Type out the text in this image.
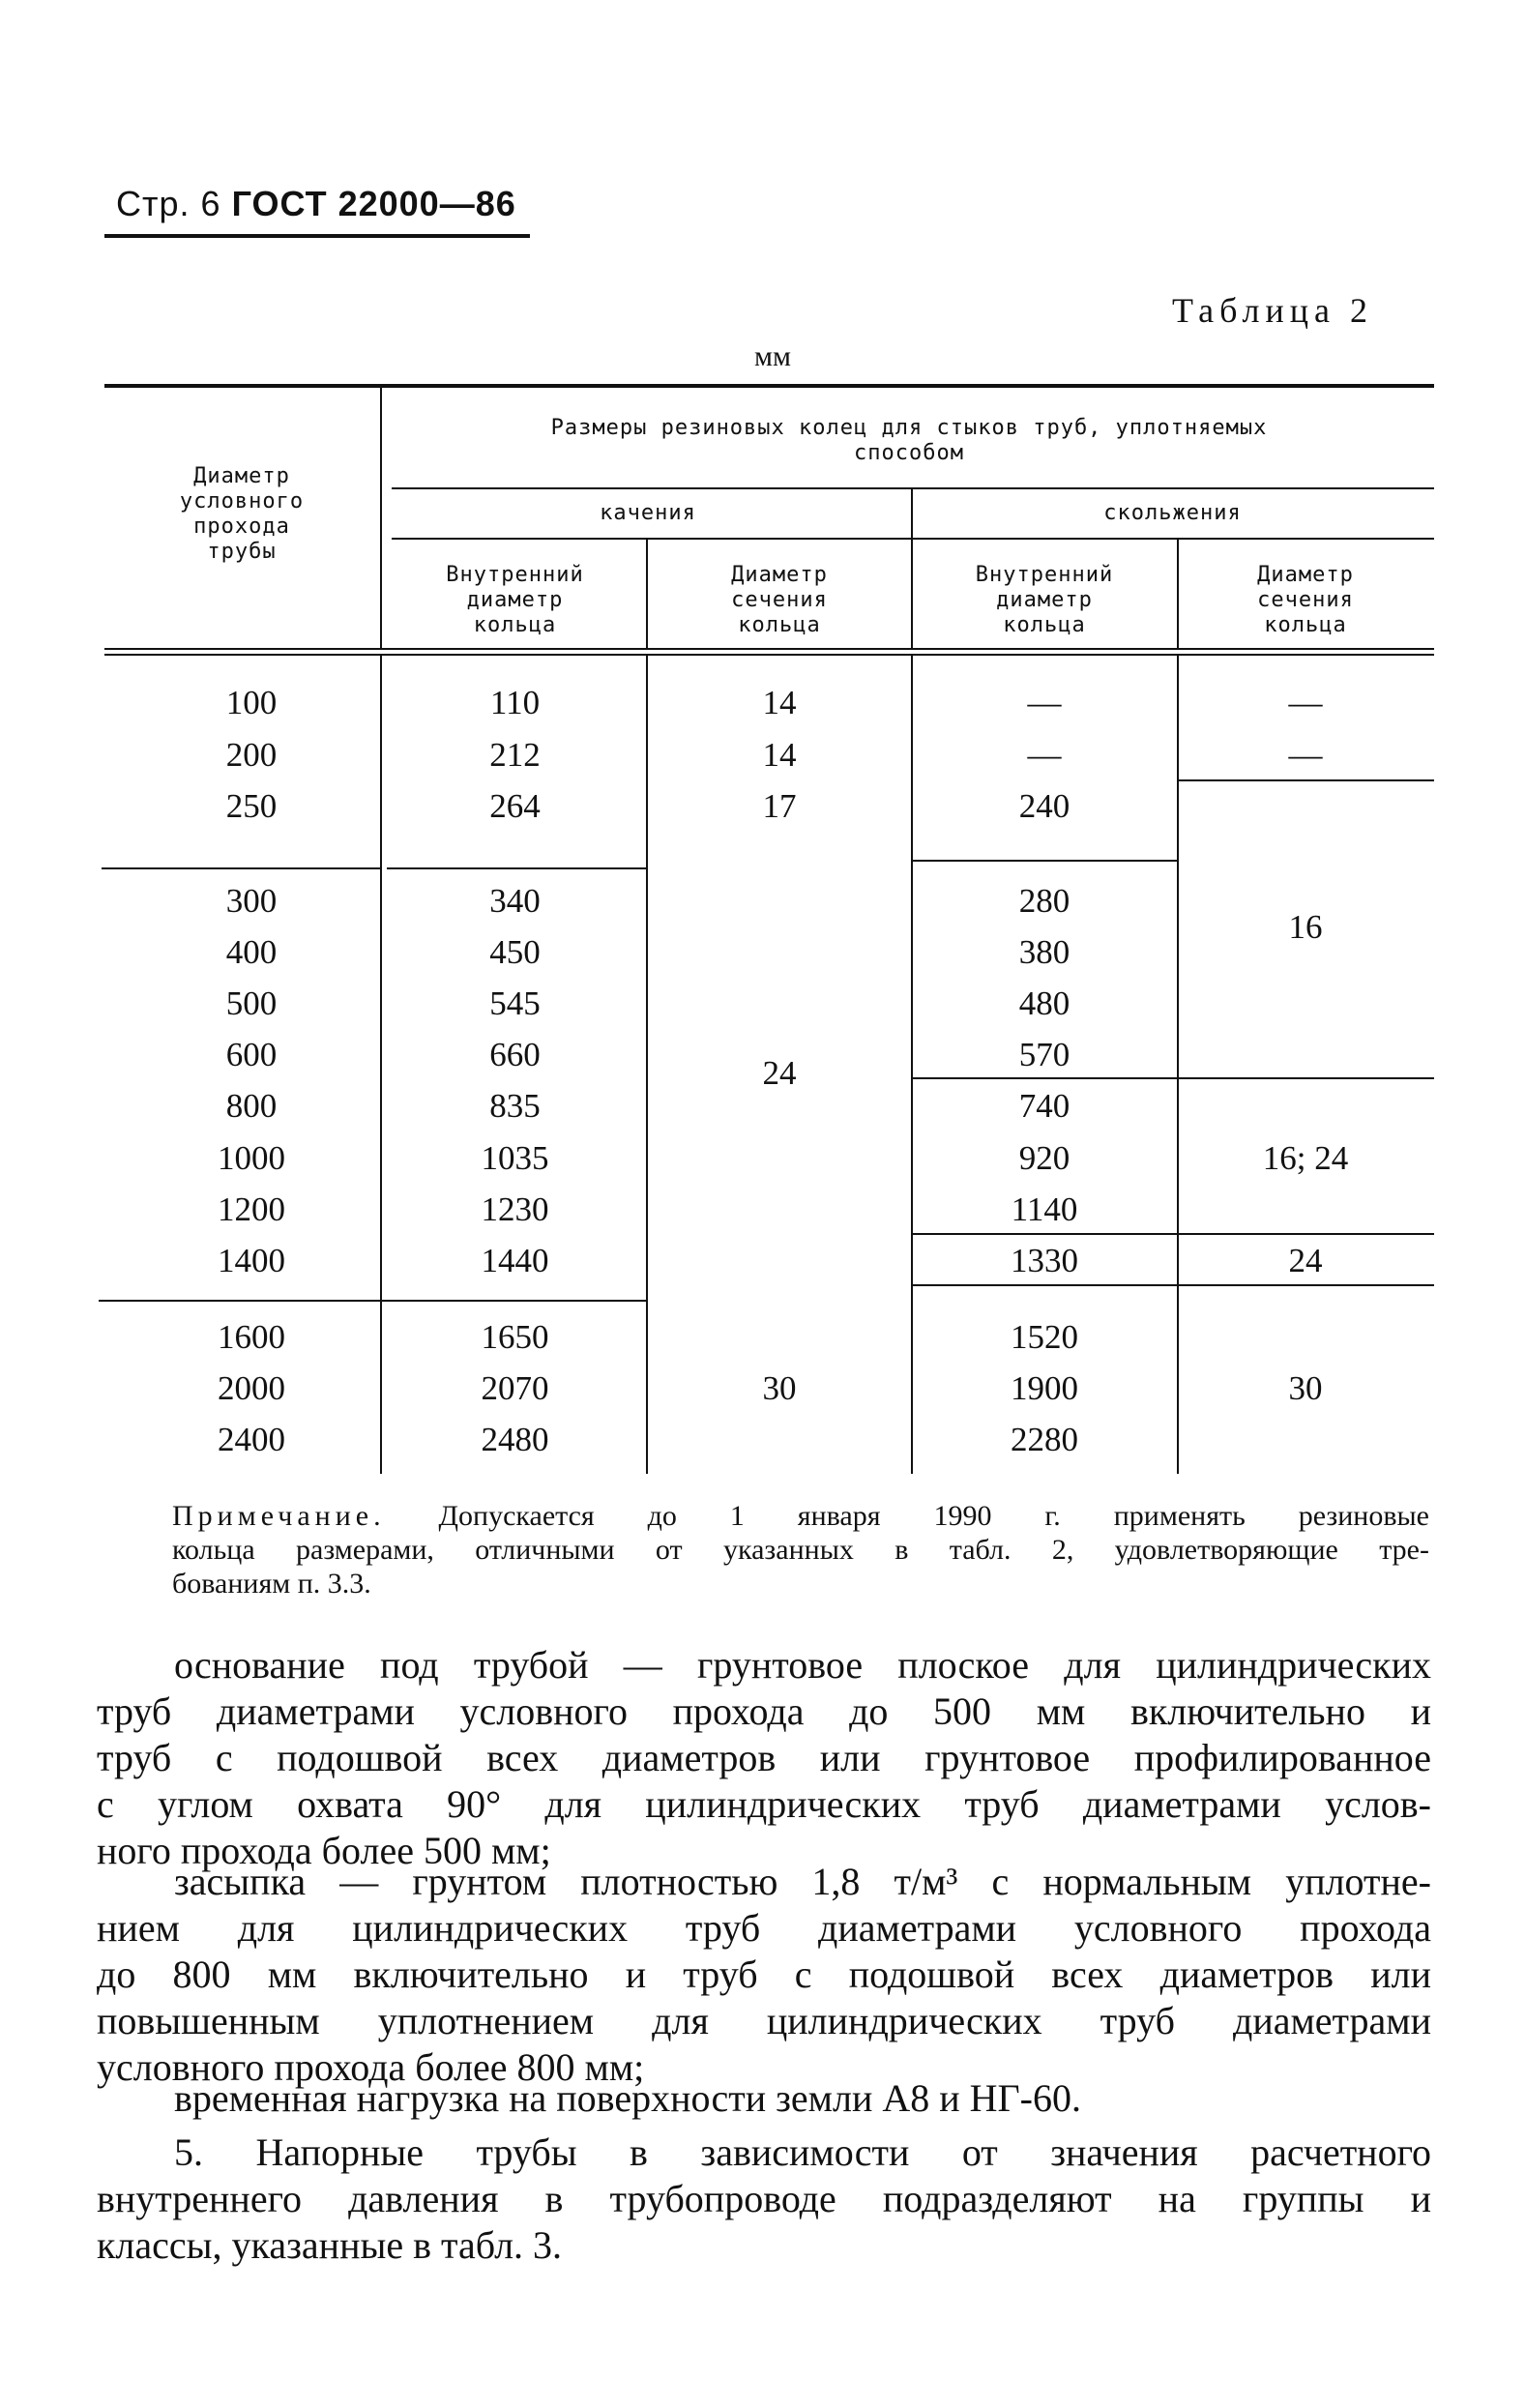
Стр. 6 ГОСТ 22000—86
Таблица 2
мм
Диаметр
условного
прохода
трубы
Размеры резиновых колец для стыков труб, уплотняемых
способом
качения	скольжения
Внутренний
диаметр
кольца
Диаметр
сечения
кольца
Внутренний
диаметр
кольца
Диаметр
сечения
кольца
100
200
250
300
400
500
600
800
1000
1200
1400
1600
2000
2400
110
212
264
340
450
545
660
835
1035
1230
1440
1650
2070
2480
14
14
17
24
30
—
—
240
280
380
480
570
740
920
1140
1330
1520
1900
2280
—
—
16
16; 24
24
30
Примечание. Допускается до 1 января 1990 г. применять резиновые
кольца размерами, отличными от указанных в табл. 2, удовлетворяющие тре-
бованиям п. 3.3.
основание под трубой — грунтовое плоское для цилиндрических
труб диаметрами условного прохода до 500 мм включительно и
труб с подошвой всех диаметров или грунтовое профилированное
с углом охвата 90° для цилиндрических труб диаметрами услов-
ного прохода более 500 мм;
засыпка — грунтом плотностью 1,8 т/м³ с нормальным уплотне-
нием для цилиндрических труб диаметрами условного прохода
до 800 мм включительно и труб с подошвой всех диаметров или
повышенным уплотнением для цилиндрических труб диаметрами
условного прохода более 800 мм;
временная нагрузка на поверхности земли А8 и НГ-60.
5. Напорные трубы в зависимости от значения расчетного
внутреннего давления в трубопроводе подразделяют на группы и
классы, указанные в табл. 3.
